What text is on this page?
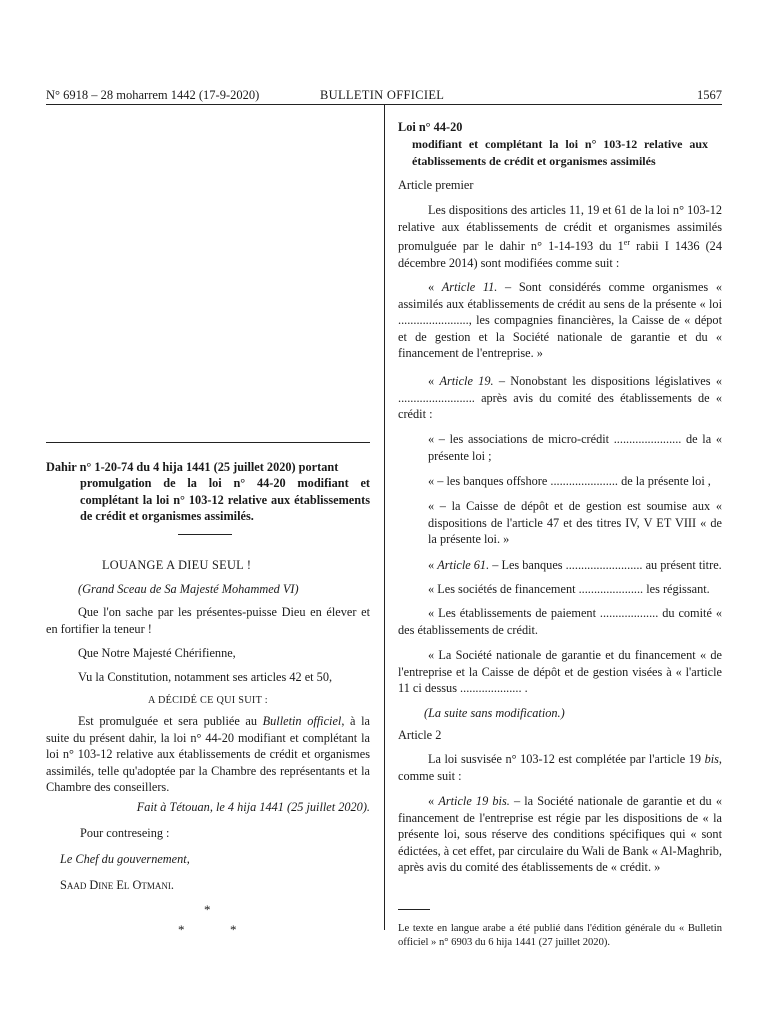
N° 6918 – 28 moharrem 1442 (17-9-2020)	BULLETIN OFFICIEL	1567
Dahir n° 1-20-74 du 4 hija 1441 (25 juillet 2020) portant
promulgation de la loi n° 44-20 modifiant et complétant la loi n° 103-12 relative aux établissements de crédit et organismes assimilés.

LOUANGE A DIEU SEUL !

(Grand Sceau de Sa Majesté Mohammed VI)

Que l'on sache par les présentes-puisse Dieu en élever et en fortifier la teneur !

Que Notre Majesté Chérifienne,

Vu la Constitution, notamment ses articles 42 et 50,

A DÉCIDÉ CE QUI SUIT :

Est promulguée et sera publiée au Bulletin officiel, à la suite du présent dahir, la loi n° 44-20 modifiant et complétant la loi n° 103-12 relative aux établissements de crédit et organismes assimilés, telle qu'adoptée par la Chambre des représentants et la Chambre des conseillers.

Fait à Tétouan, le 4 hija 1441 (25 juillet 2020).

Pour contreseing :

Le Chef du gouvernement,

Saad Dine El Otmani.

*
*	*

Loi n° 44-20

modifiant et complétant la loi n° 103-12 relative aux établissements de crédit et organismes assimilés

Article premier

Les dispositions des articles 11, 19 et 61 de la loi n° 103-12 relative aux établissements de crédit et organismes assimilés promulguée par le dahir n° 1-14-193 du 1er rabii I 1436 (24 décembre 2014) sont modifiées comme suit :

« Article 11. – Sont considérés comme organismes « assimilés aux établissements de crédit au sens de la présente « loi ......................., les compagnies financières, la Caisse de « dépot et de gestion et la Société nationale de garantie et du « financement de l'entreprise. »

« Article 19. – Nonobstant les dispositions législatives « ......................... après avis du comité des établissements de « crédit :

« – les associations de micro-crédit ...................... de la « présente loi ;

« – les banques offshore ...................... de la présente loi ,

« – la Caisse de dépôt et de gestion est soumise aux « dispositions de l'article 47 et des titres IV, V ET VIII « de la présente loi. »

« Article 61. – Les banques ......................... au présent titre.

« Les sociétés de financement ..................... les régissant.

« Les établissements de paiement ................... du comité « des établissements de crédit.

« La Société nationale de garantie et du financement « de l'entreprise et la Caisse de dépôt et de gestion visées à « l'article 11 ci dessus .................... .

(La suite sans modification.)

Article 2

La loi susvisée n° 103-12 est complétée par l'article 19 bis, comme suit :

« Article 19 bis. – la Société nationale de garantie et du « financement de l'entreprise est régie par les dispositions de « la présente loi, sous réserve des conditions spécifiques qui « sont édictées, à cet effet, par circulaire du Wali de Bank « Al-Maghrib, après avis du comité des établissements de « crédit. »

Le texte en langue arabe a été publié dans l'édition générale du « Bulletin officiel » n° 6903 du 6 hija 1441 (27 juillet 2020).
